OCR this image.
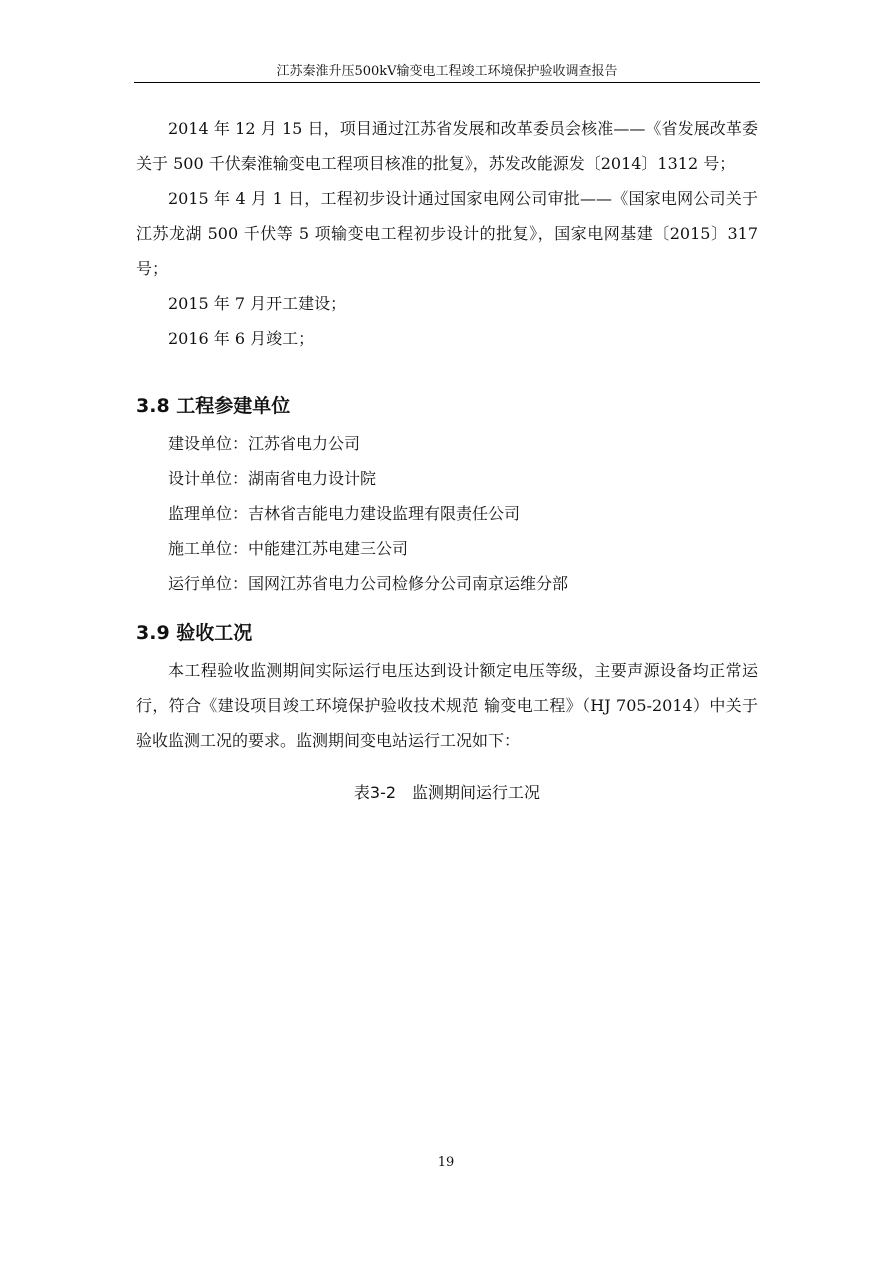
江苏秦淮升压500kV输变电工程竣工环境保护验收调查报告

2014 年 12 月 15 日，项目通过江苏省发展和改革委员会核准——《省发展改革委关于 500 千伏秦淮输变电工程项目核准的批复》，苏发改能源发〔2014〕1312 号；

2015 年 4 月 1 日，工程初步设计通过国家电网公司审批——《国家电网公司关于江苏龙湖 500 千伏等 5 项输变电工程初步设计的批复》，国家电网基建〔2015〕317 号；

2015 年 7 月开工建设；

2016 年 6 月竣工；

3.8 工程参建单位

建设单位：江苏省电力公司

设计单位：湖南省电力设计院

监理单位：吉林省吉能电力建设监理有限责任公司

施工单位：中能建江苏电建三公司

运行单位：国网江苏省电力公司检修分公司南京运维分部

3.9 验收工况

本工程验收监测期间实际运行电压达到设计额定电压等级，主要声源设备均正常运行，符合《建设项目竣工环境保护验收技术规范 输变电工程》（HJ 705-2014）中关于验收监测工况的要求。监测期间变电站运行工况如下：

表3-2　监测期间运行工况
19
